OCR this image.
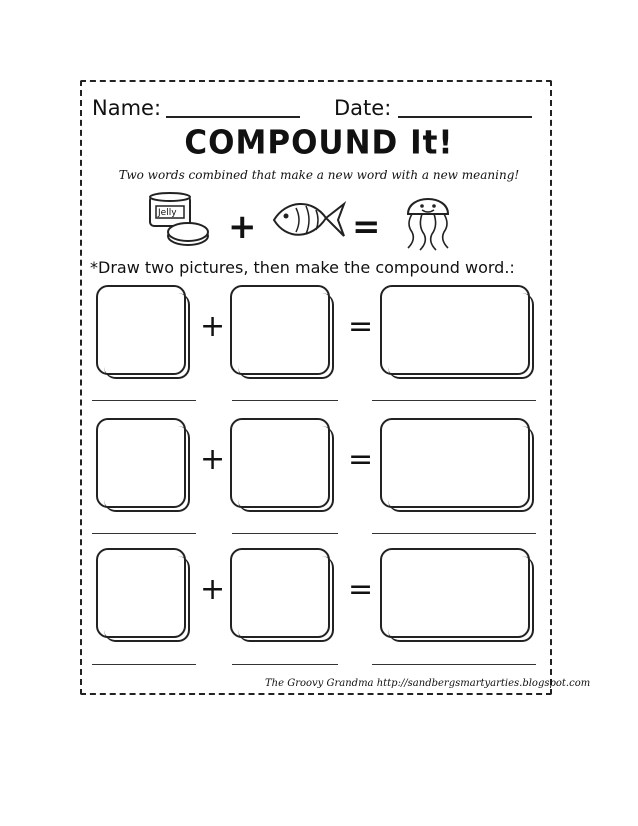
Name:	Date:
COMPOUND It!
Two words combined that make a new word with a new meaning!
Jelly +	=
*Draw two pictures, then make the compound word.:
+	=
+	=
+	=
The Groovy Grandma http://sandbergsmartyarties.blogspot.com
